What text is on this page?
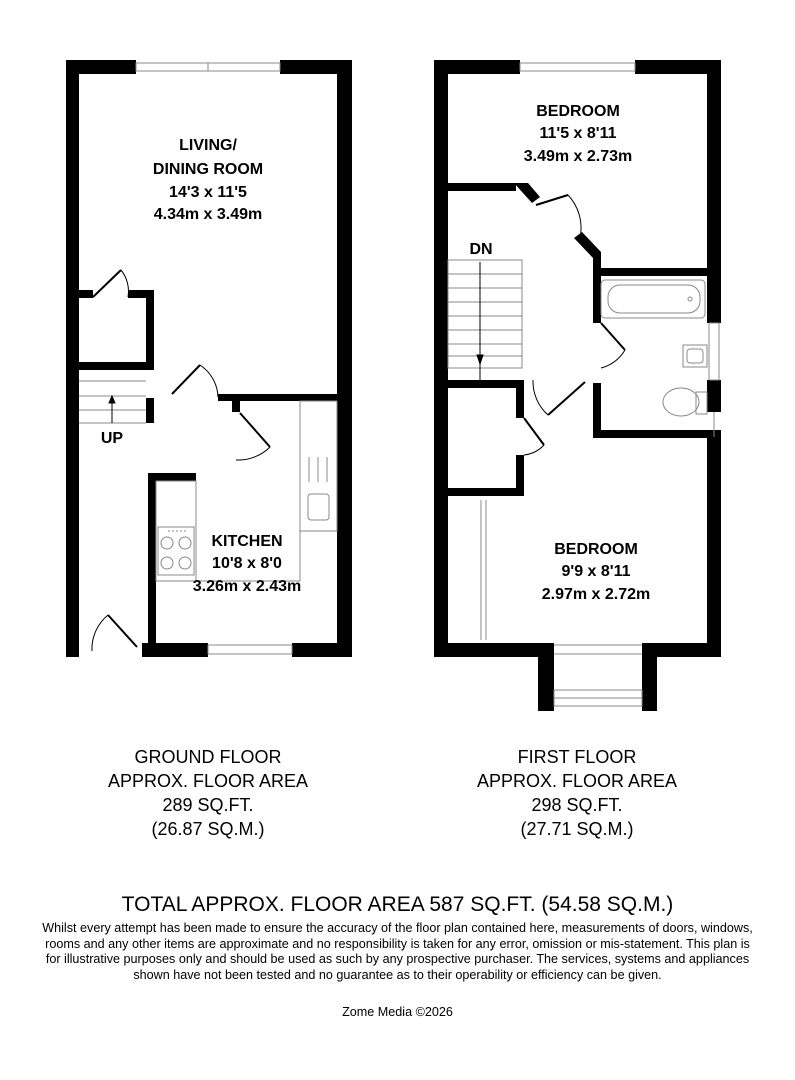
LIVING/
DINING ROOM
14'3 x 11'5
4.34m x 3.49m
KITCHEN
10'8 x 8'0
3.26m x 2.43m
UP
BEDROOM
11'5 x 8'11
3.49m x 2.73m
BEDROOM
9'9 x 8'11
2.97m x 2.72m
DN
GROUND FLOOR
APPROX. FLOOR AREA
289 SQ.FT.
(26.87 SQ.M.)
FIRST FLOOR
APPROX. FLOOR AREA
298 SQ.FT.
(27.71 SQ.M.)
TOTAL APPROX. FLOOR AREA 587 SQ.FT. (54.58 SQ.M.)
Whilst every attempt has been made to ensure the accuracy of the floor plan contained here, measurements of doors, windows, rooms and any other items are approximate and no responsibility is taken for any error, omission or mis-statement. This plan is for illustrative purposes only and should be used as such by any prospective purchaser. The services, systems and appliances shown have not been tested and no guarantee as to their operability or efficiency can be given.
Zome Media ©2026
